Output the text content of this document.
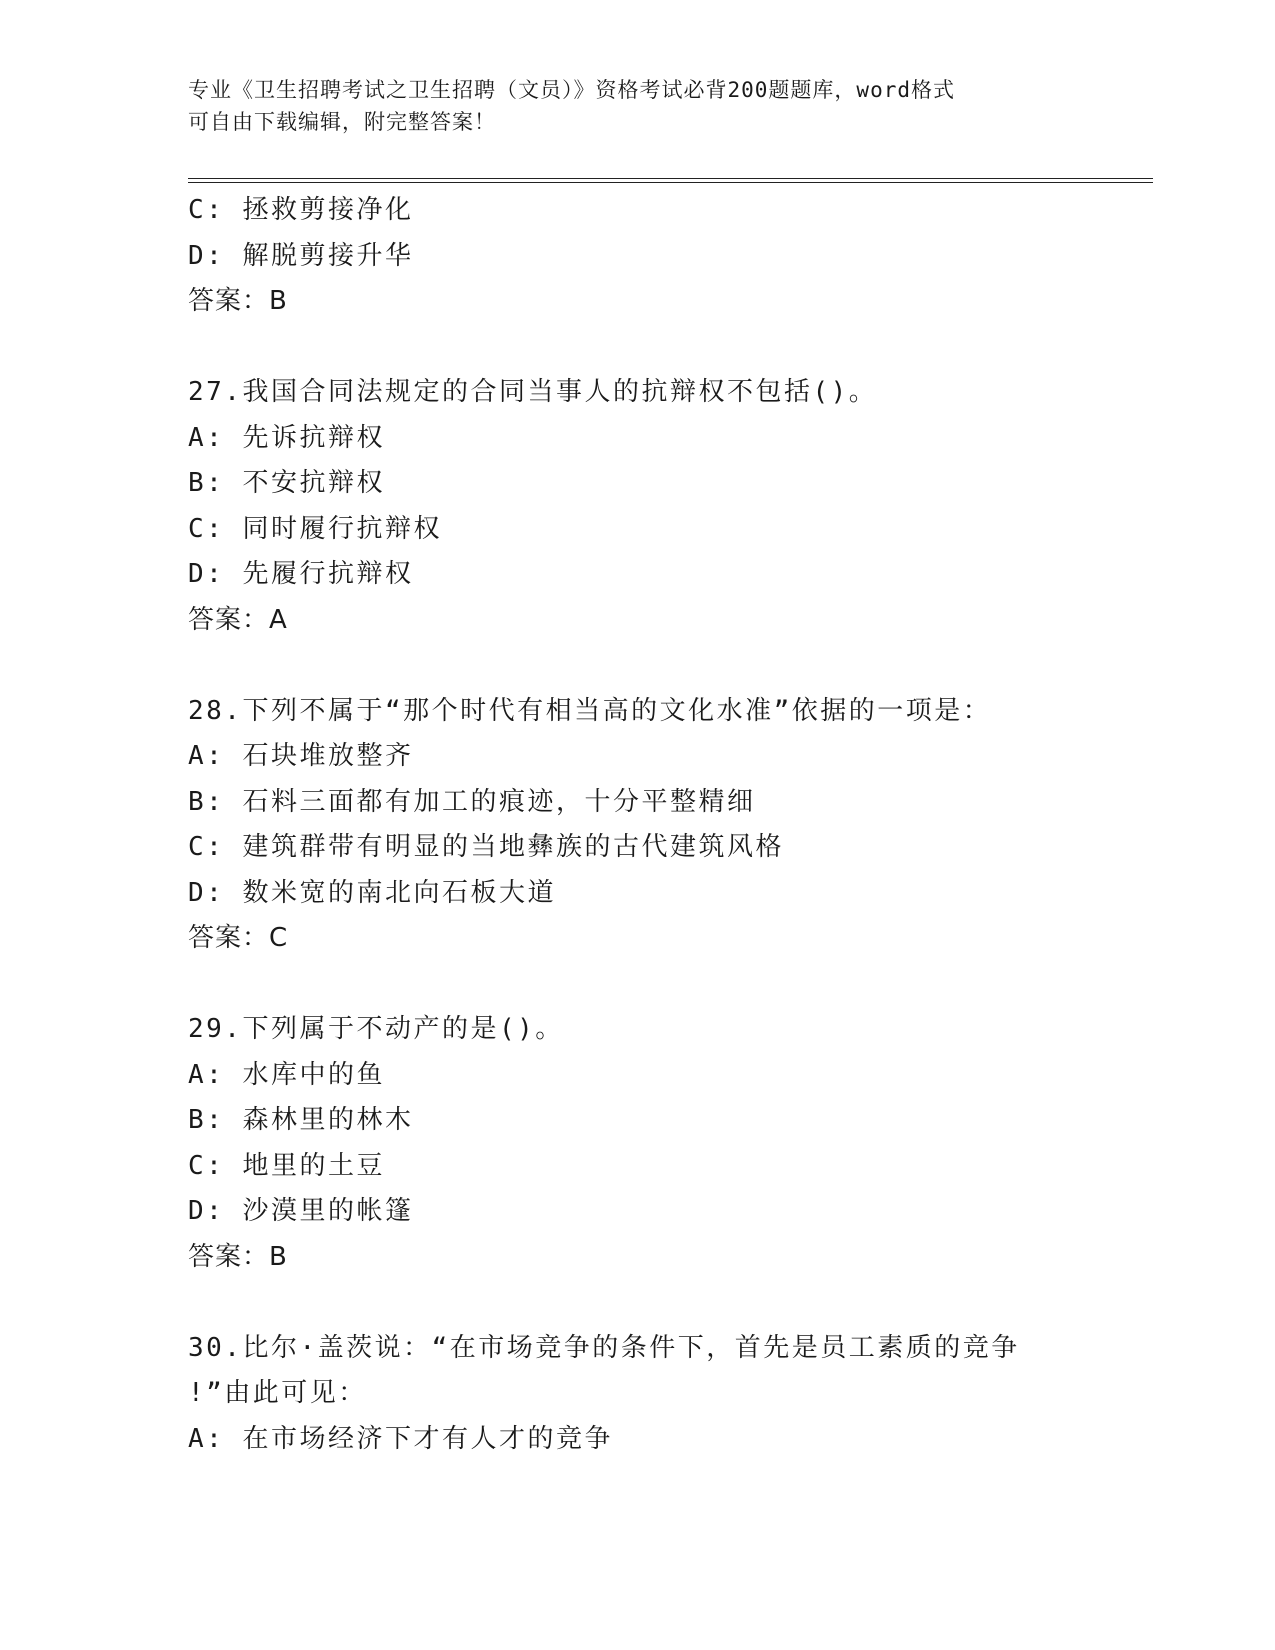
专业《卫生招聘考试之卫生招聘（文员）》资格考试必背200题题库，word格式
可自由下载编辑，附完整答案！
C: 拯救剪接净化
D: 解脱剪接升华
答案：B
27.我国合同法规定的合同当事人的抗辩权不包括()。
A: 先诉抗辩权
B: 不安抗辩权
C: 同时履行抗辩权
D: 先履行抗辩权
答案：A
28.下列不属于“那个时代有相当高的文化水准”依据的一项是：
A: 石块堆放整齐
B: 石料三面都有加工的痕迹，十分平整精细
C: 建筑群带有明显的当地彝族的古代建筑风格
D: 数米宽的南北向石板大道
答案：C
29.下列属于不动产的是()。
A: 水库中的鱼
B: 森林里的林木
C: 地里的土豆
D: 沙漠里的帐篷
答案：B
30.比尔·盖茨说：“在市场竞争的条件下，首先是员工素质的竞争
!”由此可见：
A: 在市场经济下才有人才的竞争
